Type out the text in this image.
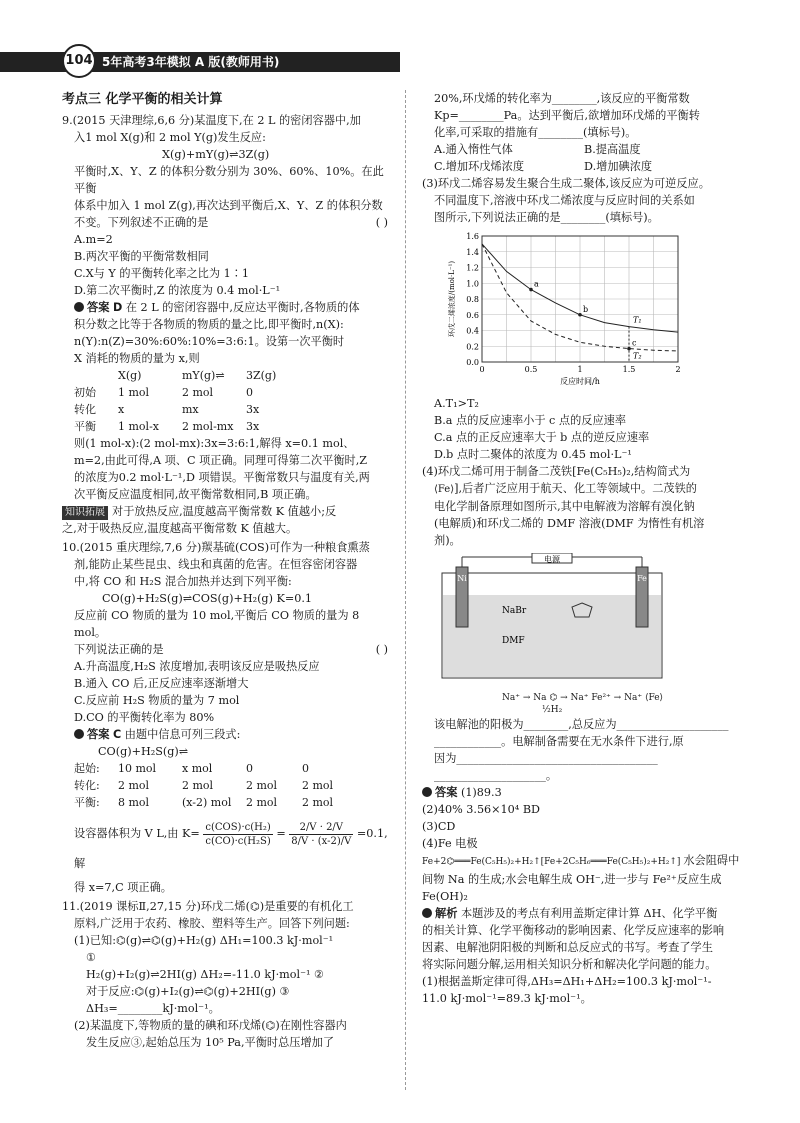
104 5年高考3年模拟 A 版(教师用书)

考点三 化学平衡的相关计算

9.(2015 天津理综,6,6 分)某温度下,在 2 L 的密闭容器中,加

入1 mol X(g)和 2 mol Y(g)发生反应:

X(g)+mY(g)⇌3Z(g)

平衡时,X、Y、Z 的体积分数分别为 30%、60%、10%。在此平衡

体系中加入 1 mol Z(g),再次达到平衡后,X、Y、Z 的体积分数

不变。下列叙述不正确的是	( )

A.m=2

B.两次平衡的平衡常数相同

C.X与 Y 的平衡转化率之比为 1∶1

D.第二次平衡时,Z 的浓度为 0.4 mol·L⁻¹

答案 D 在 2 L 的密闭容器中,反应达平衡时,各物质的体

积分数之比等于各物质的物质的量之比,即平衡时,n(X):

n(Y):n(Z)=30%:60%:10%=3:6:1。设第一次平衡时

X 消耗的物质的量为 x,则

X(g)	mY(g)⇌	3Z(g)
初始	1 mol	2 mol	0
转化	x	mx	3x
平衡	1 mol-x	2 mol-mx	3x

则(1 mol-x):(2 mol-mx):3x=3:6:1,解得 x=0.1 mol、

m=2,由此可得,A 项、C 项正确。同理可得第二次平衡时,Z

的浓度为0.2 mol·L⁻¹,D 项错误。平衡常数只与温度有关,两

次平衡反应温度相同,故平衡常数相同,B 项正确。

知识拓展 对于放热反应,温度越高平衡常数 K 值越小;反

之,对于吸热反应,温度越高平衡常数 K 值越大。

10.(2015 重庆理综,7,6 分)羰基硫(COS)可作为一种粮食熏蒸

剂,能防止某些昆虫、线虫和真菌的危害。在恒容密闭容器

中,将 CO 和 H₂S 混合加热并达到下列平衡:

CO(g)+H₂S(g)⇌COS(g)+H₂(g) K=0.1

反应前 CO 物质的量为 10 mol,平衡后 CO 物质的量为 8 mol。

下列说法正确的是	( )

A.升高温度,H₂S 浓度增加,表明该反应是吸热反应

B.通入 CO 后,正反应速率逐渐增大

C.反应前 H₂S 物质的量为 7 mol

D.CO 的平衡转化率为 80%

答案 C 由题中信息可列三段式:

CO(g)+H₂S(g)⇌

起始:	10 mol	x mol	0	0
转化:	2 mol	2 mol	2 mol	2 mol
平衡:	8 mol	(x-2) mol	2 mol	2 mol

设容器体积为 V L,由 $K= \frac{\text{c(COS)·c(H₂)}}{\text{c(CO)·c(H₂S)}} = \frac{2/V \cdot 2/V}{8/V \cdot (x-2)/V} =0.1$,解

得 x=7,C 项正确。

11.(2019 课标Ⅱ,27,15 分)环戊二烯(⌬)是重要的有机化工

原料,广泛用于农药、橡胶、塑料等生产。回答下列问题:

(1)已知:⌬(g)⇌⌬(g)+H₂(g) ΔH₁=100.3 kJ·mol⁻¹

①

H₂(g)+I₂(g)⇌2HI(g) ΔH₂=-11.0 kJ·mol⁻¹ ②

对于反应:⌬(g)+I₂(g)⇌⌬(g)+2HI(g) ③

ΔH₃=________kJ·mol⁻¹。

(2)某温度下,等物质的量的碘和环戊烯(⌬)在刚性容器内

发生反应③,起始总压为 10⁵ Pa,平衡时总压增加了

20%,环戊烯的转化率为________,该反应的平衡常数

Kp=________Pa。达到平衡后,欲增加环戊烯的平衡转

化率,可采取的措施有________(填标号)。

A.通入惰性气体	B.提高温度
C.增加环戊烯浓度	D.增加碘浓度

(3)环戊二烯容易发生聚合生成二聚体,该反应为可逆反应。

不同温度下,溶液中环戊二烯浓度与反应时间的关系如

图所示,下列说法正确的是________(填标号)。

0.0
0.2
0.4
0.6
0.8
1.0
1.2
1.4
1.6
0	0.5	1	1.5	2
反应时间/h
环戊二烯浓度/(mol·L⁻¹)	T₁
T₂
a
b
c

A.T₁>T₂

B.a 点的反应速率小于 c 点的反应速率

C.a 点的正反应速率大于 b 点的逆反应速率

D.b 点时二聚体的浓度为 0.45 mol·L⁻¹

(4)环戊二烯可用于制备二茂铁[Fe(C₅H₅)₂,结构简式为

⟨Fe⟩],后者广泛应用于航天、化工等领域中。二茂铁的

电化学制备原理如图所示,其中电解液为溶解有溴化钠

(电解质)和环戊二烯的 DMF 溶液(DMF 为惰性有机溶

剂)。

电源
Ni	Fe
NaBr
DMF
Na⁺ → Na ⌬ → Na⁺ Fe²⁺ → Na⁺ ⟨Fe⟩
½H₂

该电解池的阳极为________,总反应为____________________

____________。电解制备需要在无水条件下进行,原

因为____________________________________

____________________。

答案 (1)89.3

(2)40% 3.56×10⁴ BD

(3)CD

(4)Fe 电极

Fe+2⌬═══Fe(C₅H₅)₂+H₂↑[Fe+2C₅H₆═══Fe(C₅H₅)₂+H₂↑] 水会阻碍中

间物 Na 的生成;水会电解生成 OH⁻,进一步与 Fe²⁺反应生成

Fe(OH)₂

解析 本题涉及的考点有利用盖斯定律计算 ΔH、化学平衡

的相关计算、化学平衡移动的影响因素、化学反应速率的影响

因素、电解池阴阳极的判断和总反应式的书写。考查了学生

将实际问题分解,运用相关知识分析和解决化学问题的能力。

(1)根据盖斯定律可得,ΔH₃=ΔH₁+ΔH₂=100.3 kJ·mol⁻¹-

11.0 kJ·mol⁻¹=89.3 kJ·mol⁻¹。
